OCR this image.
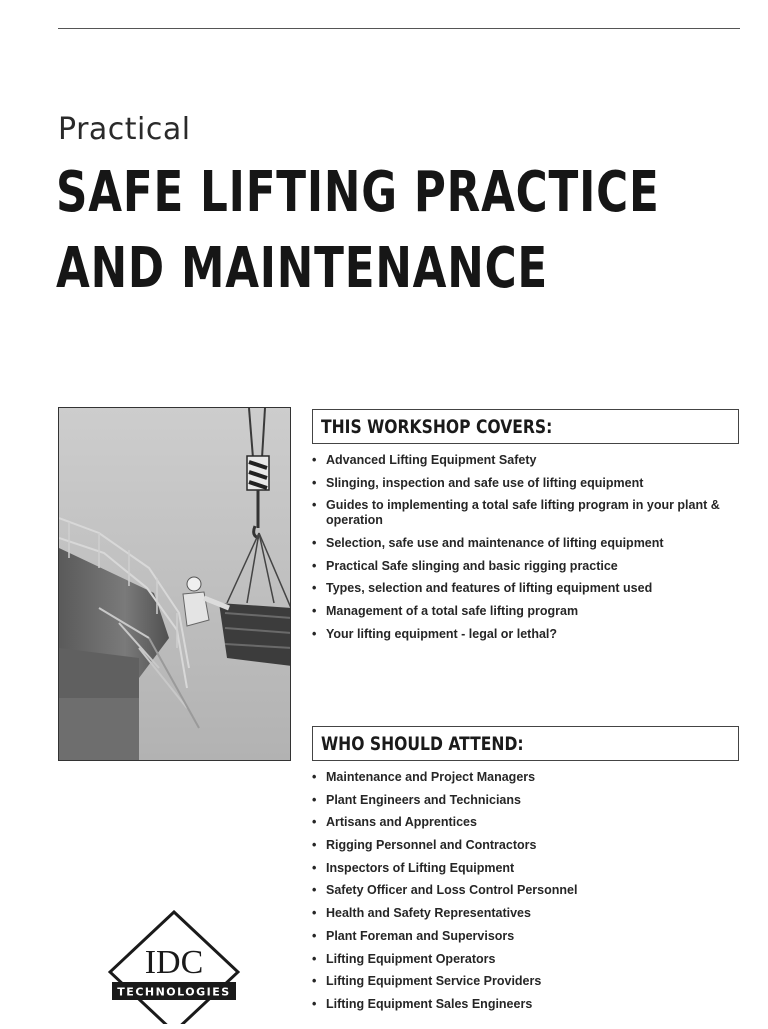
Practical
SAFE LIFTING PRACTICE
AND MAINTENANCE
THIS WORKSHOP COVERS:
• Advanced Lifting Equipment Safety
• Slinging, inspection and safe use of lifting equipment
• Guides to implementing a total safe lifting program in your plant & operation
• Selection, safe use and maintenance of lifting equipment
• Practical Safe slinging and basic rigging practice
• Types, selection and features of lifting equipment used
• Management of a total safe lifting program
• Your lifting equipment - legal or lethal?
WHO SHOULD ATTEND:
• Maintenance and Project Managers
• Plant Engineers and Technicians
• Artisans and Apprentices
• Rigging Personnel and Contractors
• Inspectors of Lifting Equipment
• Safety Officer and Loss Control Personnel
• Health and Safety Representatives
• Plant Foreman and Supervisors
• Lifting Equipment Operators
• Lifting Equipment Service Providers
• Lifting Equipment Sales Engineers
IDC
TECHNOLOGIES
